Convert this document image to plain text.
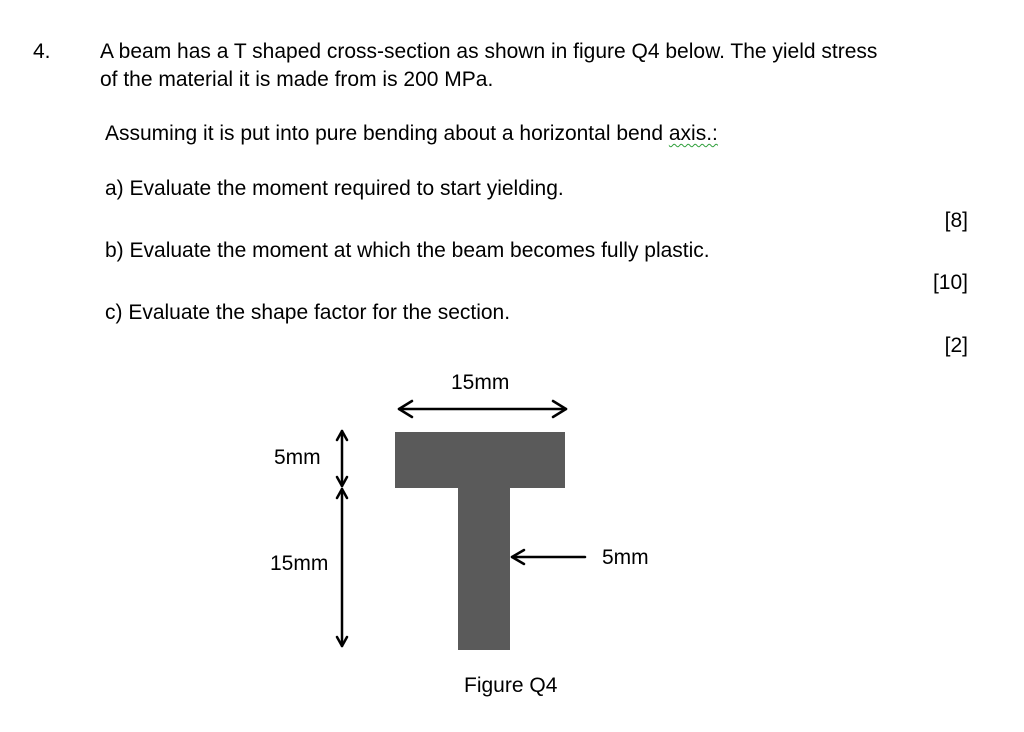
4. A beam has a T shaped cross-section as shown in figure Q4 below. The yield stress
of the material it is made from is 200 MPa.
Assuming it is put into pure bending about a horizontal bend axis.:
a) Evaluate the moment required to start yielding.
[8]
b) Evaluate the moment at which the beam becomes fully plastic.
[10]
c) Evaluate the shape factor for the section.
[2]
15mm
5mm
15mm	5mm
Figure Q4
